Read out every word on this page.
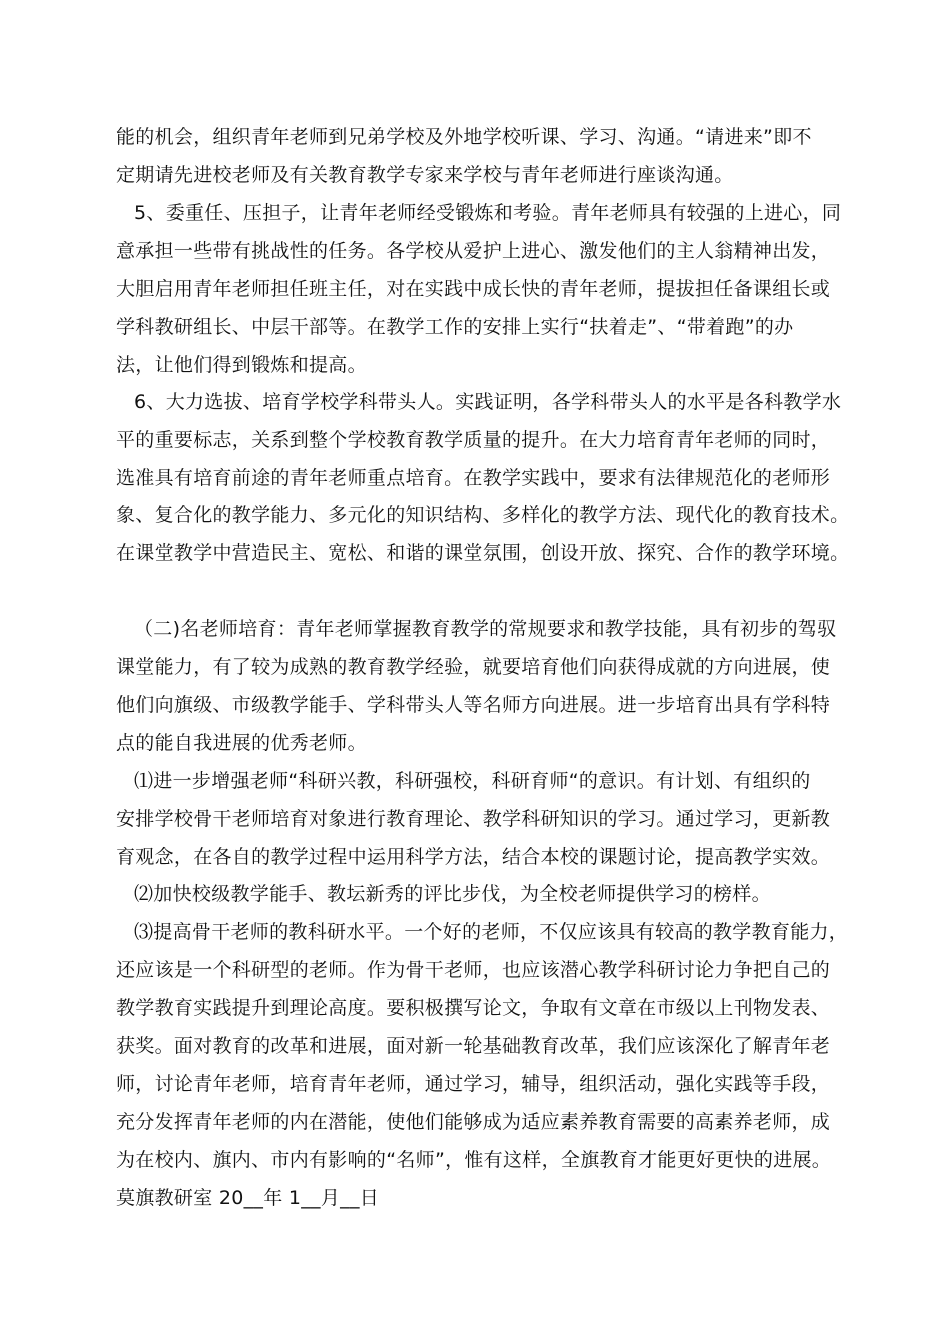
能的机会，组织青年老师到兄弟学校及外地学校听课、学习、沟通。“请进来”即不
定期请先进校老师及有关教育教学专家来学校与青年老师进行座谈沟通。
5、委重任、压担子，让青年老师经受锻炼和考验。青年老师具有较强的上进心，同
意承担一些带有挑战性的任务。各学校从爱护上进心、激发他们的主人翁精神出发，
大胆启用青年老师担任班主任，对在实践中成长快的青年老师，提拔担任备课组长或
学科教研组长、中层干部等。在教学工作的安排上实行“扶着走”、“带着跑”的办
法，让他们得到锻炼和提高。
6、大力选拔、培育学校学科带头人。实践证明，各学科带头人的水平是各科教学水
平的重要标志，关系到整个学校教育教学质量的提升。在大力培育青年老师的同时，
选准具有培育前途的青年老师重点培育。在教学实践中，要求有法律规范化的老师形
象、复合化的教学能力、多元化的知识结构、多样化的教学方法、现代化的教育技术。
在课堂教学中营造民主、宽松、和谐的课堂氛围，创设开放、探究、合作的教学环境。
（二)名老师培育：青年老师掌握教育教学的常规要求和教学技能，具有初步的驾驭
课堂能力，有了较为成熟的教育教学经验，就要培育他们向获得成就的方向进展，使
他们向旗级、市级教学能手、学科带头人等名师方向进展。进一步培育出具有学科特
点的能自我进展的优秀老师。
⑴进一步增强老师“科研兴教，科研强校，科研育师“的意识。有计划、有组织的
安排学校骨干老师培育对象进行教育理论、教学科研知识的学习。通过学习，更新教
育观念，在各自的教学过程中运用科学方法，结合本校的课题讨论，提高教学实效。
⑵加快校级教学能手、教坛新秀的评比步伐，为全校老师提供学习的榜样。
⑶提高骨干老师的教科研水平。一个好的老师，不仅应该具有较高的教学教育能力，
还应该是一个科研型的老师。作为骨干老师，也应该潜心教学科研讨论力争把自己的
教学教育实践提升到理论高度。要积极撰写论文，争取有文章在市级以上刊物发表、
获奖。面对教育的改革和进展，面对新一轮基础教育改革，我们应该深化了解青年老
师，讨论青年老师，培育青年老师，通过学习，辅导，组织活动，强化实践等手段，
充分发挥青年老师的内在潜能，使他们能够成为适应素养教育需要的高素养老师，成
为在校内、旗内、市内有影响的“名师”，惟有这样，全旗教育才能更好更快的进展。
莫旗教研室 20__年 1__月__日
